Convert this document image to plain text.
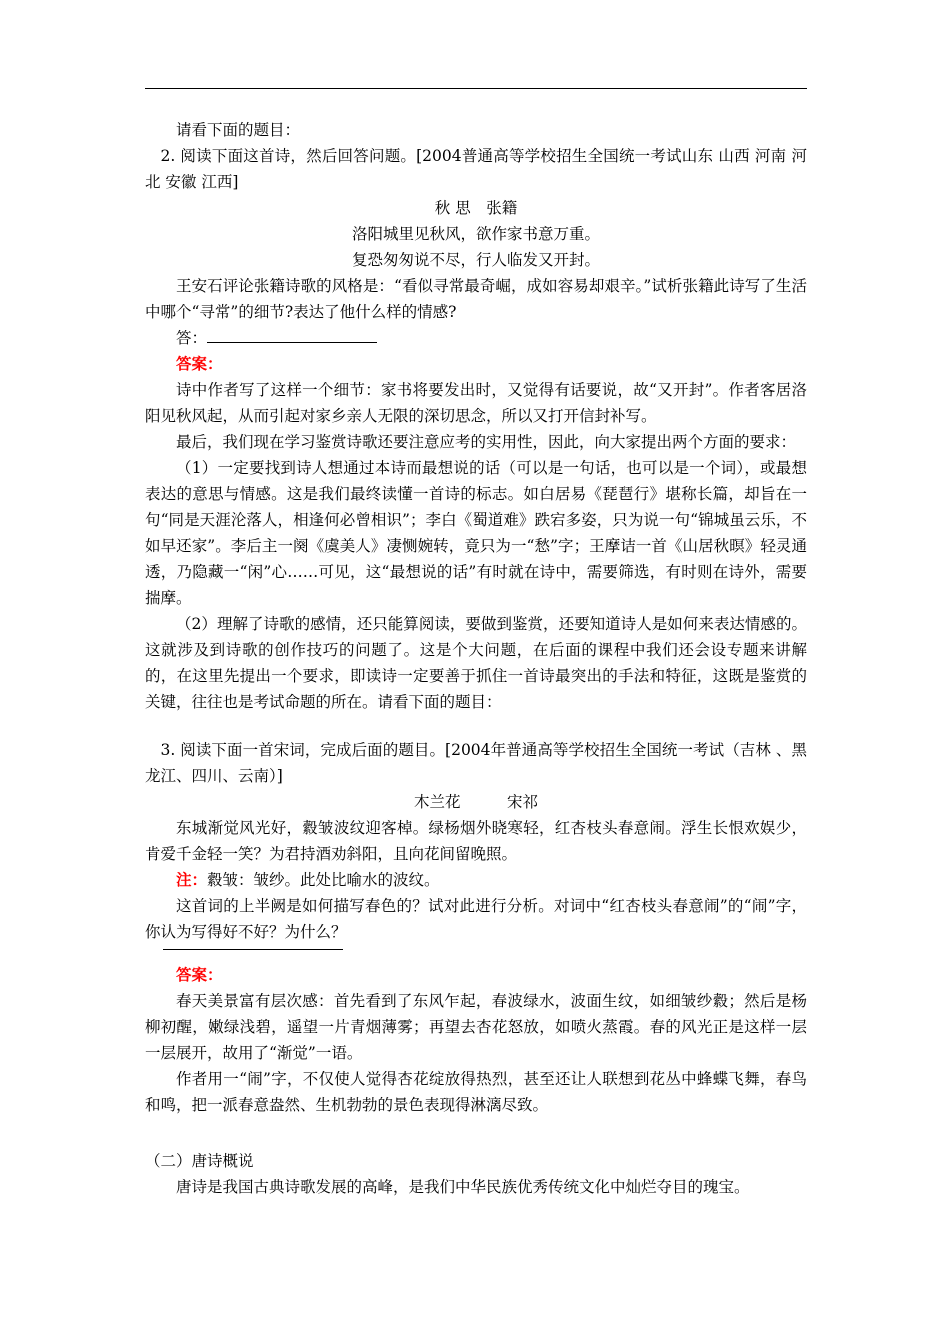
请看下面的题目：

2. 阅读下面这首诗，然后回答问题。[2004普通高等学校招生全国统一考试山东 山西 河南 河北 安徽 江西]

秋 思　张籍

洛阳城里见秋风，欲作家书意万重。

复恐匆匆说不尽，行人临发又开封。

王安石评论张籍诗歌的风格是：“看似寻常最奇崛，成如容易却艰辛。”试析张籍此诗写了生活中哪个“寻常”的细节?表达了他什么样的情感?

答：

答案：

诗中作者写了这样一个细节：家书将要发出时，又觉得有话要说，故“又开封”。作者客居洛阳见秋风起，从而引起对家乡亲人无限的深切思念，所以又打开信封补写。

最后，我们现在学习鉴赏诗歌还要注意应考的实用性，因此，向大家提出两个方面的要求：

（1）一定要找到诗人想通过本诗而最想说的话（可以是一句话，也可以是一个词），或最想表达的意思与情感。这是我们最终读懂一首诗的标志。如白居易《琵琶行》堪称长篇，却旨在一句“同是天涯沦落人，相逢何必曾相识”；李白《蜀道难》跌宕多姿，只为说一句“锦城虽云乐，不如早还家”。李后主一阕《虞美人》凄恻婉转，竟只为一“愁”字；王摩诘一首《山居秋暝》轻灵通透，乃隐藏一“闲”心……可见，这“最想说的话”有时就在诗中，需要筛选，有时则在诗外，需要揣摩。

（2）理解了诗歌的感情，还只能算阅读，要做到鉴赏，还要知道诗人是如何来表达情感的。这就涉及到诗歌的创作技巧的问题了。这是个大问题，在后面的课程中我们还会设专题来讲解的，在这里先提出一个要求，即读诗一定要善于抓住一首诗最突出的手法和特征，这既是鉴赏的关键，往往也是考试命题的所在。请看下面的题目：

3. 阅读下面一首宋词，完成后面的题目。[2004年普通高等学校招生全国统一考试（吉林 、黑龙江、四川、云南）]

木兰花　　　宋祁

东城渐觉风光好，縠皱波纹迎客棹。绿杨烟外晓寒轻，红杏枝头春意闹。浮生长恨欢娱少，肯爱千金轻一笑？为君持酒劝斜阳，且向花间留晚照。

注：縠皱：皱纱。此处比喻水的波纹。

这首词的上半阙是如何描写春色的？试对此进行分析。对词中“红杏枝头春意闹”的“闹”字，你认为写得好不好？为什么？

答案：

春天美景富有层次感：首先看到了东风乍起，春波绿水，波面生纹，如细皱纱縠；然后是杨柳初醒，嫩绿浅碧，遥望一片青烟薄雾；再望去杏花怒放，如喷火蒸霞。春的风光正是这样一层一层展开，故用了“渐觉”一语。

作者用一“闹”字，不仅使人觉得杏花绽放得热烈，甚至还让人联想到花丛中蜂蝶飞舞，春鸟和鸣，把一派春意盎然、生机勃勃的景色表现得淋漓尽致。

（二）唐诗概说

唐诗是我国古典诗歌发展的高峰，是我们中华民族优秀传统文化中灿烂夺目的瑰宝。
